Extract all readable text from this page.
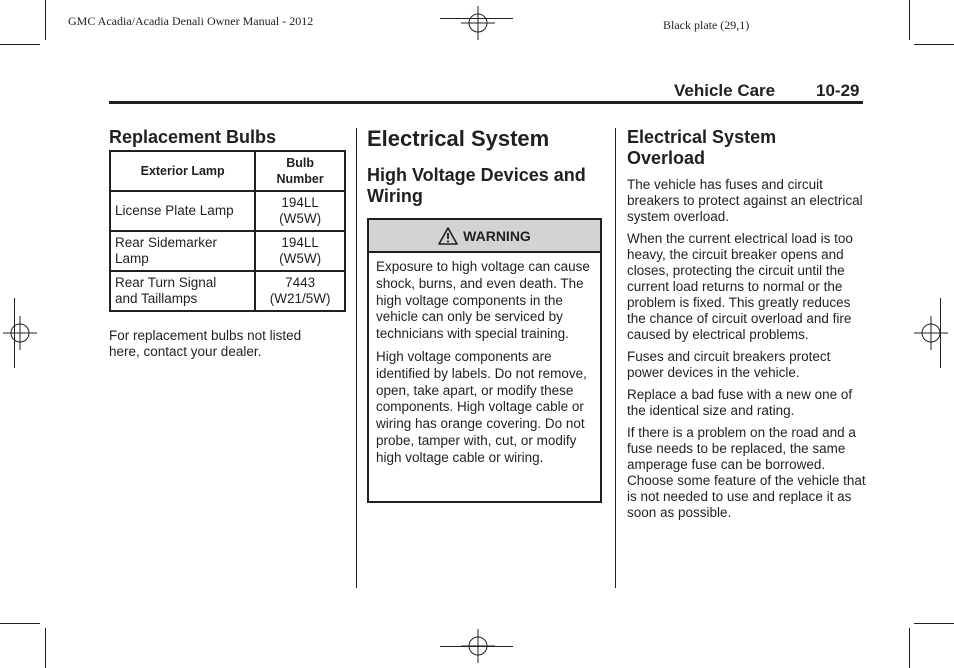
GMC Acadia/Acadia Denali Owner Manual - 2012	Black plate (29,1)
Vehicle Care 10-29
Replacement Bulbs
Exterior Lamp	Bulb Number
License Plate Lamp	194LL (W5W)
Rear Sidemarker Lamp	194LL (W5W)
Rear Turn Signal and Taillamps	7443 (W21/5W)

For replacement bulbs not listed here, contact your dealer.

Electrical System
High Voltage Devices and Wiring
WARNING

Exposure to high voltage can cause shock, burns, and even death. The high voltage components in the vehicle can only be serviced by technicians with special training.

High voltage components are identified by labels. Do not remove, open, take apart, or modify these components. High voltage cable or wiring has orange covering. Do not probe, tamper with, cut, or modify high voltage cable or wiring.

Electrical System Overload

The vehicle has fuses and circuit breakers to protect against an electrical system overload.

When the current electrical load is too heavy, the circuit breaker opens and closes, protecting the circuit until the current load returns to normal or the problem is fixed. This greatly reduces the chance of circuit overload and fire caused by electrical problems.

Fuses and circuit breakers protect power devices in the vehicle.

Replace a bad fuse with a new one of the identical size and rating.

If there is a problem on the road and a fuse needs to be replaced, the same amperage fuse can be borrowed. Choose some feature of the vehicle that is not needed to use and replace it as soon as possible.
